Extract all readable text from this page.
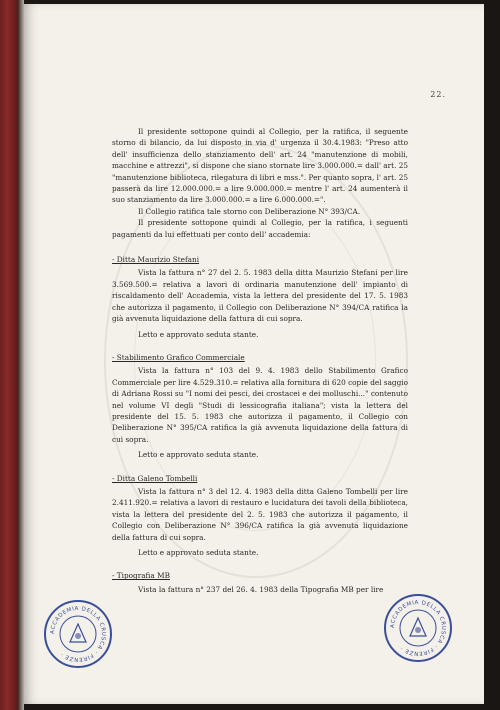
22.

Il presidente sottopone quindi al Collegio, per la ratifica, il seguente storno di bilancio, da lui disposto in via d' urgenza il 30.4.1983: "Preso atto dell' insufficienza dello stanziamento dell' art. 24 "manutenzione di mobili, macchine e attrezzi", si dispone che siano stornate lire 3.000.000.= dall' art. 25 "manutenzione biblioteca, rilegatura di libri e mss.". Per quanto sopra, l' art. 25 passerà da lire 12.000.000.= a lire 9.000.000.= mentre l' art. 24 aumenterà il suo stanziamento da lire 3.000.000.= a lire 6.000.000.=".

Il Collegio ratifica tale storno con Deliberazione N° 393/CA.

Il presidente sottopone quindi al Collegio, per la ratifica, i seguenti pagamenti da lui effettuati per conto dell' accademia:

- Ditta Maurizio Stefani

Vista la fattura n° 27 del 2. 5. 1983 della ditta Maurizio Stefani per lire 3.569.500.= relativa a lavori di ordinaria manutenzione dell' impianto di riscaldamento dell' Accademia, vista la lettera del presidente del 17. 5. 1983 che autorizza il pagamento, il Collegio con Deliberazione N° 394/CA ratifica la già avvenuta liquidazione della fattura di cui sopra.

Letto e approvato seduta stante.
- Stabilimento Grafico Commerciale

Vista la fattura n° 103 del 9. 4. 1983 dello Stabilimento Grafico Commerciale per lire 4.529.310.= relativa alla fornitura di 620 copie del saggio di Adriana Rossi su "I nomi dei pesci, dei crostacei e dei molluschi..." contenuto nel volume VI degli "Studi di lessicografia italiana"; vista la lettera del presidente del 15. 5. 1983 che autorizza il pagamento, il Collegio con Deliberazione N° 395/CA ratifica la già avvenuta liquidazione della fattura di cui sopra.

Letto e approvato seduta stante.
- Ditta Galeno Tombelli

Vista la fattura n° 3 del 12. 4. 1983 della ditta Galeno Tombelli per lire 2.411.920.= relativa a lavori di restauro e lucidatura dei tavoli della biblioteca, vista la lettera del presidente del 2. 5. 1983 che autorizza il pagamento, il Collegio con Deliberazione N° 396/CA ratifica la già avvenuta liquidazione della fattura di cui sopra.

Letto e approvato seduta stante.
- Tipografia MB

Vista la fattura n° 237 del 26. 4. 1983 della Tipografia MB per lire

ACCADEMIA DELLA CRUSCA · FIRENZE ·
ACCADEMIA DELLA CRUSCA · FIRENZE ·
